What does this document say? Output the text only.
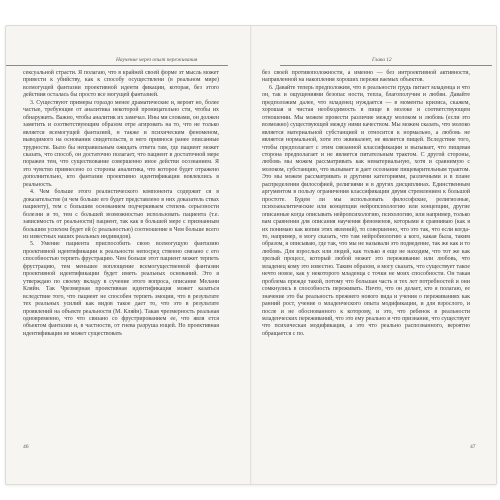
Научение через опыт переживания

сексуальной страсти. Я полагаю, что в крайней своей форме эт мысль может привести к убийству, как к способу осуществлени (в реальном мире) всемогущей фантазии проективной иденти фикации, которая, без этого действия осталась бы просто все могущей фантазией.

3. Существуют примеры гораздо менее драматические и, вероят но, более частые, требующие от аналитика некоторой проницательно сти, чтобы их обнаружить. Важно, чтобы аналитик их замечал. Ины ми словами, он должен заметить и соответствующим образом отре агировать на то, что не только является всемогущей фантазией, н также и психическим феноменом, выводимого на основании свидетельств, в него привнося ранее описанные трудности. Было бы неправильным ожидать ответа там, где пациент может сказать, что способ, он достаточно полагает, что пациент в достаточной мере поражен тем, что существование совершенно иное действи осознанием. Я это чувство привнесено со стороны аналитика, что которое будет отражено дополнительно, кто фантазии проективно идентификации вовлеклись в реальность.

4. Чем больше этого реалистического компонента содержит ся в доказательстве (и чем больше его будет представлено в них доказатель ствах пациенту), тем с большим основанием подчеркиваем степень серьезности болезни и то, тем с большей возможностью использовать пациента (т.е. зависимость от реальности) пациент, так как в большей мере с признанным большим успехом будет ей (с реальностью) соотношение в Чем больше всего из известных наших реальных индивидов).

5. Умение пациента приспособить свою всемогущую фантазию проективной идентификации к реальности непосред ственно связано с его способностью терпеть фрустрацию. Чем больше этот пациент может терпеть фрустрацию, тем меньшее воплощение всемогущественной фантазии проективной идентификации будет иметь реальных оснований. Это я утверждаю по своему вкладу в сучение этого вопроса, описание Мелани Кляйн. Так Чрезмерная проективная идентификация может казаться вследствие того, что пациент не способен терпеть эмоции, что в результате тех реальных усилий как видов такое дает то, что это в результате проявлений на объекте реальности (М. Кляйн). Такая чрезмерность реальная одновременно, что что связано со фрустрированием ее, что явля ется объектом фантазии и, в частности, от гнева разруша ющей. Но проективная идентификация не может существовать

46
Глава 12

без своей противоположности, а именно — без интроективной активности, направленной на накопления хороших пережи ваемых объектов.

6. Давайте теперь предположим, что в реальности грудь питает младенца и что он, так и ощущениями безопас ности, тепла, благополучия и любви. Давайте предположим далее, что младенец нуждается — в моменты кризиса, скажем, хорошая и чистая необходимость в пище в молоке и соответствующем отношении. Мы можем провести различие между молоком и любовь (если это возможно) существующей между ними качеством. Мы можем сказать, что молоко является материальной субстанцией и относится к нормально, а любовь не является нормальной, хотя это эквивалент, не является пищей. Вследствие того, чтобы предполагает с этим связанной классификации и вызывает, что пищевая сторона предполагает и не является питательным трактом. С другой стороны, любовь мы можем рассматривать как нематериальную, хотя и сравнимую с молоком, субстанцию, что вызывает и дает осознание пищеварительным трактом. Это мы можем рассматривать и другими категориями, различными и в плане распределения философией, религиями и в других дисциплинах. Единственным аргументом в пользу ограничения классификации двумя стремлением к большой простоте. Будем ли мы использовать философские, религиозные, психоаналитические или концепции нейропсихологию или концепции, другие описанные когда описывать нейропсихологию, психологию, или например, только вам сравнения для описания научения феноменов, которыми я сравниваю (как я их понимаю как копии этих явлений), то совершенно, что это так, что если когда-то, например, я могу сказать, что там нейробиологию а кого, какая была, таким образом, я описываю, где так, что мы не называли это подведение, так же как и то любовь. Для взрослых или людей, как только я еще не находим, что тот же как зрелый процесс, который любой может это переживание или любовь, что младенец кому это известно. Таким образом, я могу сказать, что существует такое нечто новое, как у некоторого младенца с точки не моих способности. Он такая проблема прежде такой, потому что большая часть и тех лет потребностей и они сомкнулись в способность переживать. Ничто, что он делает, кто я полагаю, ее значение это бы реальность прежнего нового вида и учения о переживаниях как ранний рост, учение о младенческого опыта модификации, и для взрослого, и после и не обоснованного к которому, и это, что ребенок в реальности младенческих переживаний, что это ему реально и что признание, что существует что психическая модификация, а это что реально распознанного, вероятно обращается с по.

47
